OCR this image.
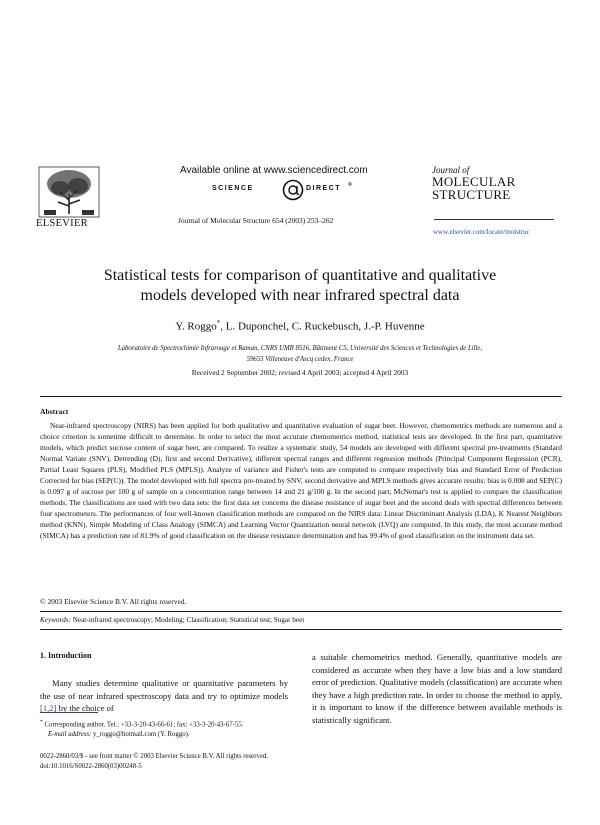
ELSEVIER
Available online at www.sciencedirect.com
SCIENCE	DIRECT ®
Journal of Molecular Structure 654 (2003) 253–262
Journal of
MOLECULAR
STRUCTURE
www.elsevier.com/locate/molstruc
Statistical tests for comparison of quantitative and qualitative
models developed with near infrared spectral data
Y. Roggo*, L. Duponchel, C. Ruckebusch, J.-P. Huvenne
Laboratoire de Spectrochimie Infrarouge et Raman, CNRS UMR 8516, Bâtiment C5, Université des Sciences et Technologies de Lille,
59655 Villeneuve d'Ascq cedex, France
Received 2 September 2002; revised 4 April 2003; accepted 4 April 2003
Abstract

Near-infrared spectroscopy (NIRS) has been applied for both qualitative and quantitative evaluation of sugar beet. However, chemometrics methods are numerous and a choice criterion is sometime difficult to determine. In order to select the most accurate chemometrics method, statistical tests are developed. In the first part, quantitative models, which predict sucrose content of sugar beet, are compared. To realize a systematic study, 54 models are developed with different spectral pre-treatments (Standard Normal Variate (SNV), Detrending (D), first and second Derivative), different spectral ranges and different regression methods (Principal Component Regression (PCR), Partial Least Squares (PLS), Modified PLS (MPLS)). Analyze of variance and Fisher's tests are computed to compare respectively bias and Standard Error of Prediction Corrected for bias (SEP(C)). The model developed with full spectra pre-treated by SNV, second derivative and MPLS methods gives accurate results: bias is 0.008 and SEP(C) is 0.097 g of sucrose per 100 g of sample on a concentration range between 14 and 21 g/100 g. In the second part, McNemar's test is applied to compare the classification methods. The classifications are used with two data sets: the first data set concerns the disease resistance of sugar beet and the second deals with spectral differences between four spectrometers. The performances of four well-known classification methods are compared on the NIRS data: Linear Discriminant Analysis (LDA), K Nearest Neighbors method (KNN), Simple Modeling of Class Analogy (SIMCA) and Learning Vector Quantization neural network (LVQ) are computed. In this study, the most accurate method (SIMCA) has a prediction rate of 81.9% of good classification on the disease resistance determination and has 99.4% of good classification on the instrument data set.

© 2003 Elsevier Science B.V. All rights reserved.
Keywords: Near-infrared spectroscopy; Modeling; Classification; Statistical test; Sugar beet
1. Introduction

Many studies determine qualitative or quantitative parameters by the use of near infrared spectroscopy data and try to optimize models [1,2] by the choice of

a suitable chemometrics method. Generally, quantitative models are considered as accurate when they have a low bias and a low standard error of prediction. Qualitative models (classification) are accurate when they have a high prediction rate. In order to choose the method to apply, it is important to know if the difference between available methods is statistically significant.

* Corresponding author. Tel.: +33-3-20-43-66-61; fax: +33-3-20-43-67-55.
E-mail address: y_roggo@hotmail.com (Y. Roggo).
0022-2860/03/$ - see front matter © 2003 Elsevier Science B.V. All rights reserved.
doi:10.1016/S0022-2860(03)00248-5
